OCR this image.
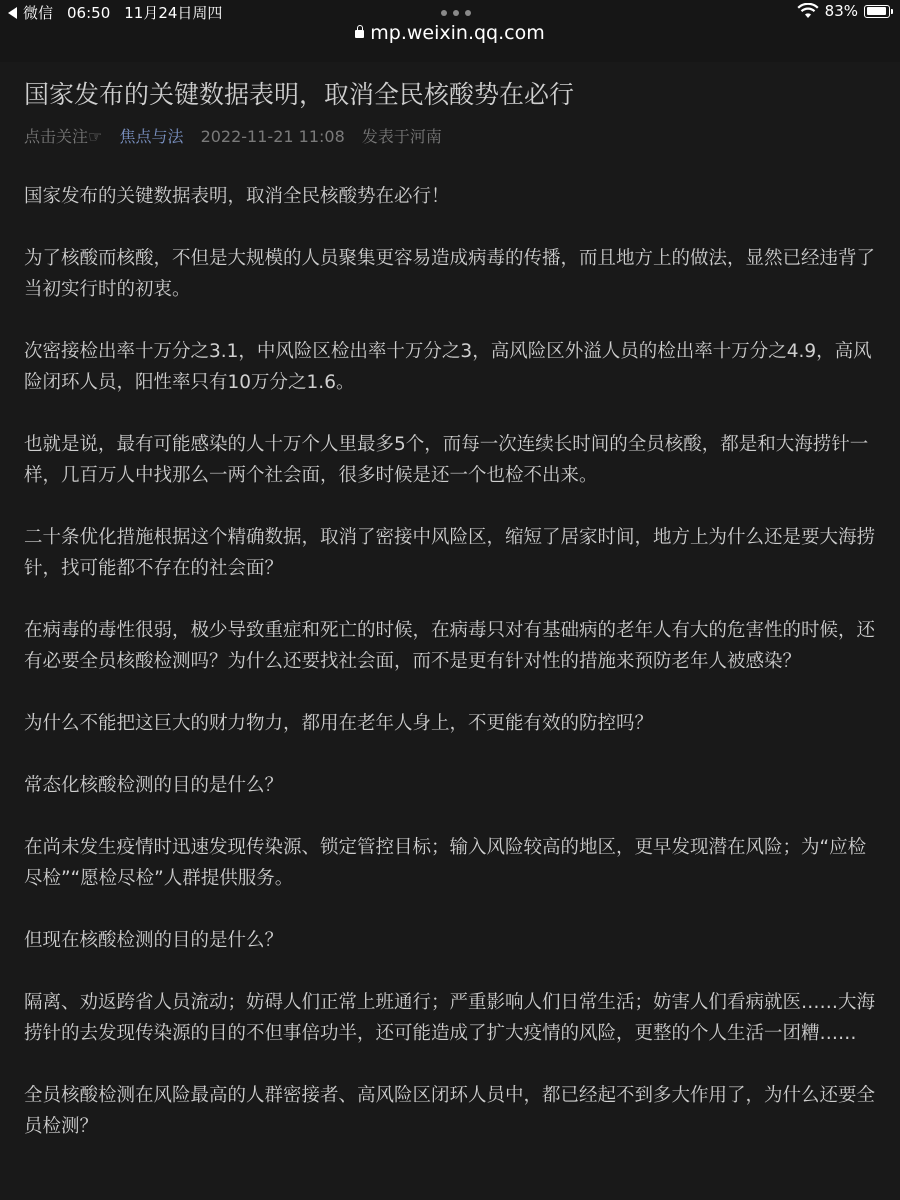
微信 06:50 11月24日周四	83%
mp.weixin.qq.com
国家发布的关键数据表明，取消全民核酸势在必行
点击关注☞ 焦点与法 2022-11-21 11:08 发表于河南

国家发布的关键数据表明，取消全民核酸势在必行！

为了核酸而核酸，不但是大规模的人员聚集更容易造成病毒的传播，而且地方上的做法，显然已经违背了当初实行时的初衷。

次密接检出率十万分之3.1，中风险区检出率十万分之3，高风险区外溢人员的检出率十万分之4.9，高风险闭环人员，阳性率只有10万分之1.6。

也就是说，最有可能感染的人十万个人里最多5个，而每一次连续长时间的全员核酸，都是和大海捞针一样，几百万人中找那么一两个社会面，很多时候是还一个也检不出来。

二十条优化措施根据这个精确数据，取消了密接中风险区，缩短了居家时间，地方上为什么还是要大海捞针，找可能都不存在的社会面？

在病毒的毒性很弱，极少导致重症和死亡的时候，在病毒只对有基础病的老年人有大的危害性的时候，还有必要全员核酸检测吗？为什么还要找社会面，而不是更有针对性的措施来预防老年人被感染？

为什么不能把这巨大的财力物力，都用在老年人身上，不更能有效的防控吗？

常态化核酸检测的目的是什么？

在尚未发生疫情时迅速发现传染源、锁定管控目标；输入风险较高的地区，更早发现潜在风险；为“应检尽检”“愿检尽检”人群提供服务。

但现在核酸检测的目的是什么？

隔离、劝返跨省人员流动；妨碍人们正常上班通行；严重影响人们日常生活；妨害人们看病就医……大海捞针的去发现传染源的目的不但事倍功半，还可能造成了扩大疫情的风险，更整的个人生活一团糟……

全员核酸检测在风险最高的人群密接者、高风险区闭环人员中，都已经起不到多大作用了，为什么还要全员检测？
